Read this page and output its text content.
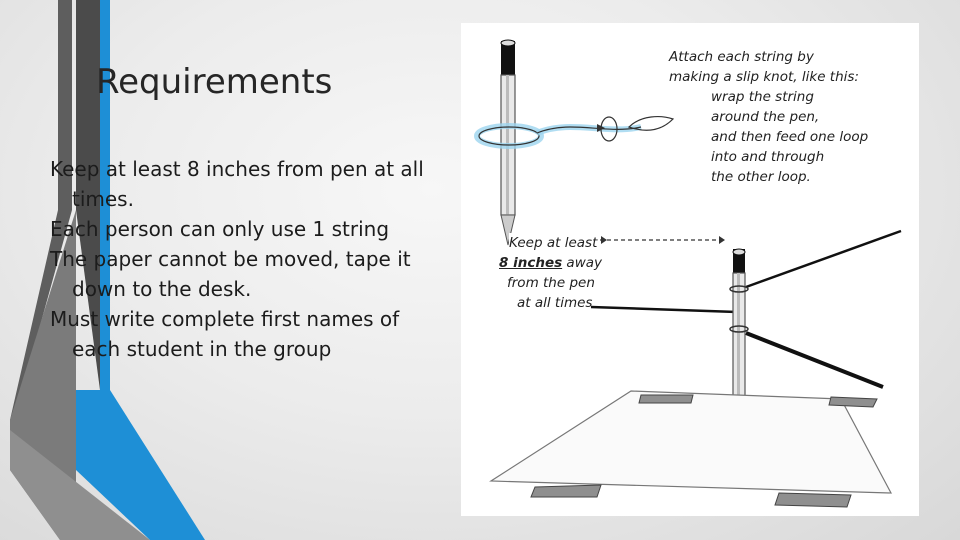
Requirements
Keep at least 8 inches from pen at all times.
Each person can only use 1 string
The paper cannot be moved, tape it down to the desk.
Must write complete first names of each student in the group

Attach each string by

making a slip knot, like this:

wrap the string

around the pen,

and then feed one loop

into and through

the other loop.

Keep at least

8 inches away

from the pen

at all times
